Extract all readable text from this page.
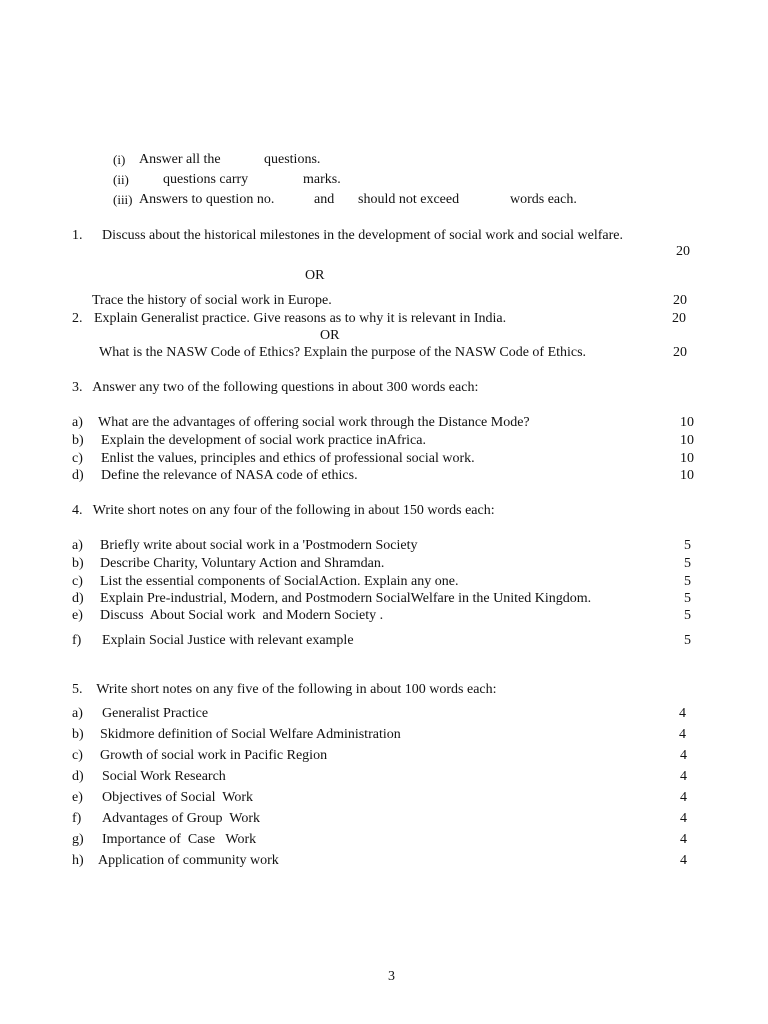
(i) Answer all the	questions.
(ii) questions carry	marks.
(iii) Answers to question no.	and should not exceed	words each.
1. Discuss about the historical milestones in the development of social work and social welfare.
20
OR
Trace the history of social work in Europe.	20
2. Explain Generalist practice. Give reasons as to why it is relevant in India.	20
OR
What is the NASW Code of Ethics? Explain the purpose of the NASW Code of Ethics.	20
3.   Answer any two of the following questions in about 300 words each:
a) What are the advantages of offering social work through the Distance Mode?	10
b) Explain the development of social work practice inAfrica.	10
c) Enlist the values, principles and ethics of professional social work.	10
d) Define the relevance of NASA code of ethics.	10
4.   Write short notes on any four of the following in about 150 words each:
a) Briefly write about social work in a 'Postmodern Society	5
b) Describe Charity, Voluntary Action and Shramdan.	5
c) List the essential components of SocialAction. Explain any one.	5
d) Explain Pre-industrial, Modern, and Postmodern SocialWelfare in the United Kingdom.	5
e) Discuss  About Social work  and Modern Society .	5
f) Explain Social Justice with relevant example	5
5.    Write short notes on any five of the following in about 100 words each:
a) Generalist Practice	4
b) Skidmore definition of Social Welfare Administration	4
c) Growth of social work in Pacific Region	4
d) Social Work Research	4
e) Objectives of Social  Work	4
f) Advantages of Group  Work	4
g) Importance of  Case   Work	4
h) Application of community work	4
3
